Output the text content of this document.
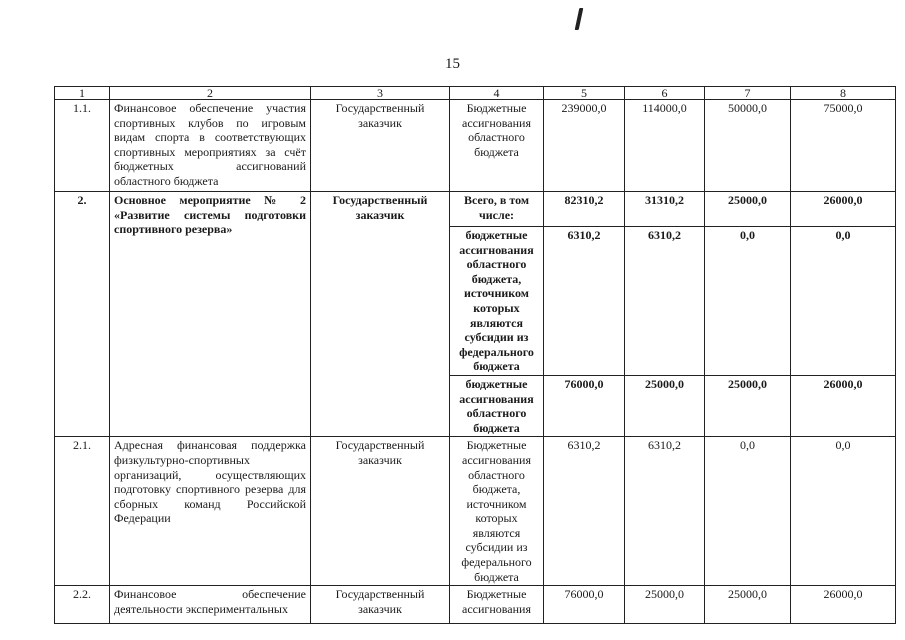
15
1	2	3	4	5	6	7	8
1.1.	Финансовое обеспечение участия спортивных клубов по игровым видам спорта в соответствующих спортивных мероприятиях за счёт бюджетных ассигнований областного бюджета	Государственный заказчик	Бюджетные ассигнования областного бюджета	239000,0	114000,0	50000,0	75000,0
2.	Основное мероприятие № 2 «Развитие системы подготовки спортивного резерва»	Государственный заказчик	Всего, в том числе:	82310,2	31310,2	25000,0	26000,0
			бюджетные ассигнования областного бюджета, источником которых являются субсидии из федерального бюджета	6310,2	6310,2	0,0	0,0
			бюджетные ассигнования областного бюджета	76000,0	25000,0	25000,0	26000,0
2.1.	Адресная финансовая поддержка физкультурно-спортивных организаций, осуществляющих подготовку спортивного резерва для сборных команд Российской Федерации	Государственный заказчик	Бюджетные ассигнования областного бюджета, источником которых являются субсидии из федерального бюджета	6310,2	6310,2	0,0	0,0
2.2.	Финансовое обеспечение деятельности экспериментальных	Государственный заказчик	Бюджетные ассигнования	76000,0	25000,0	25000,0	26000,0
